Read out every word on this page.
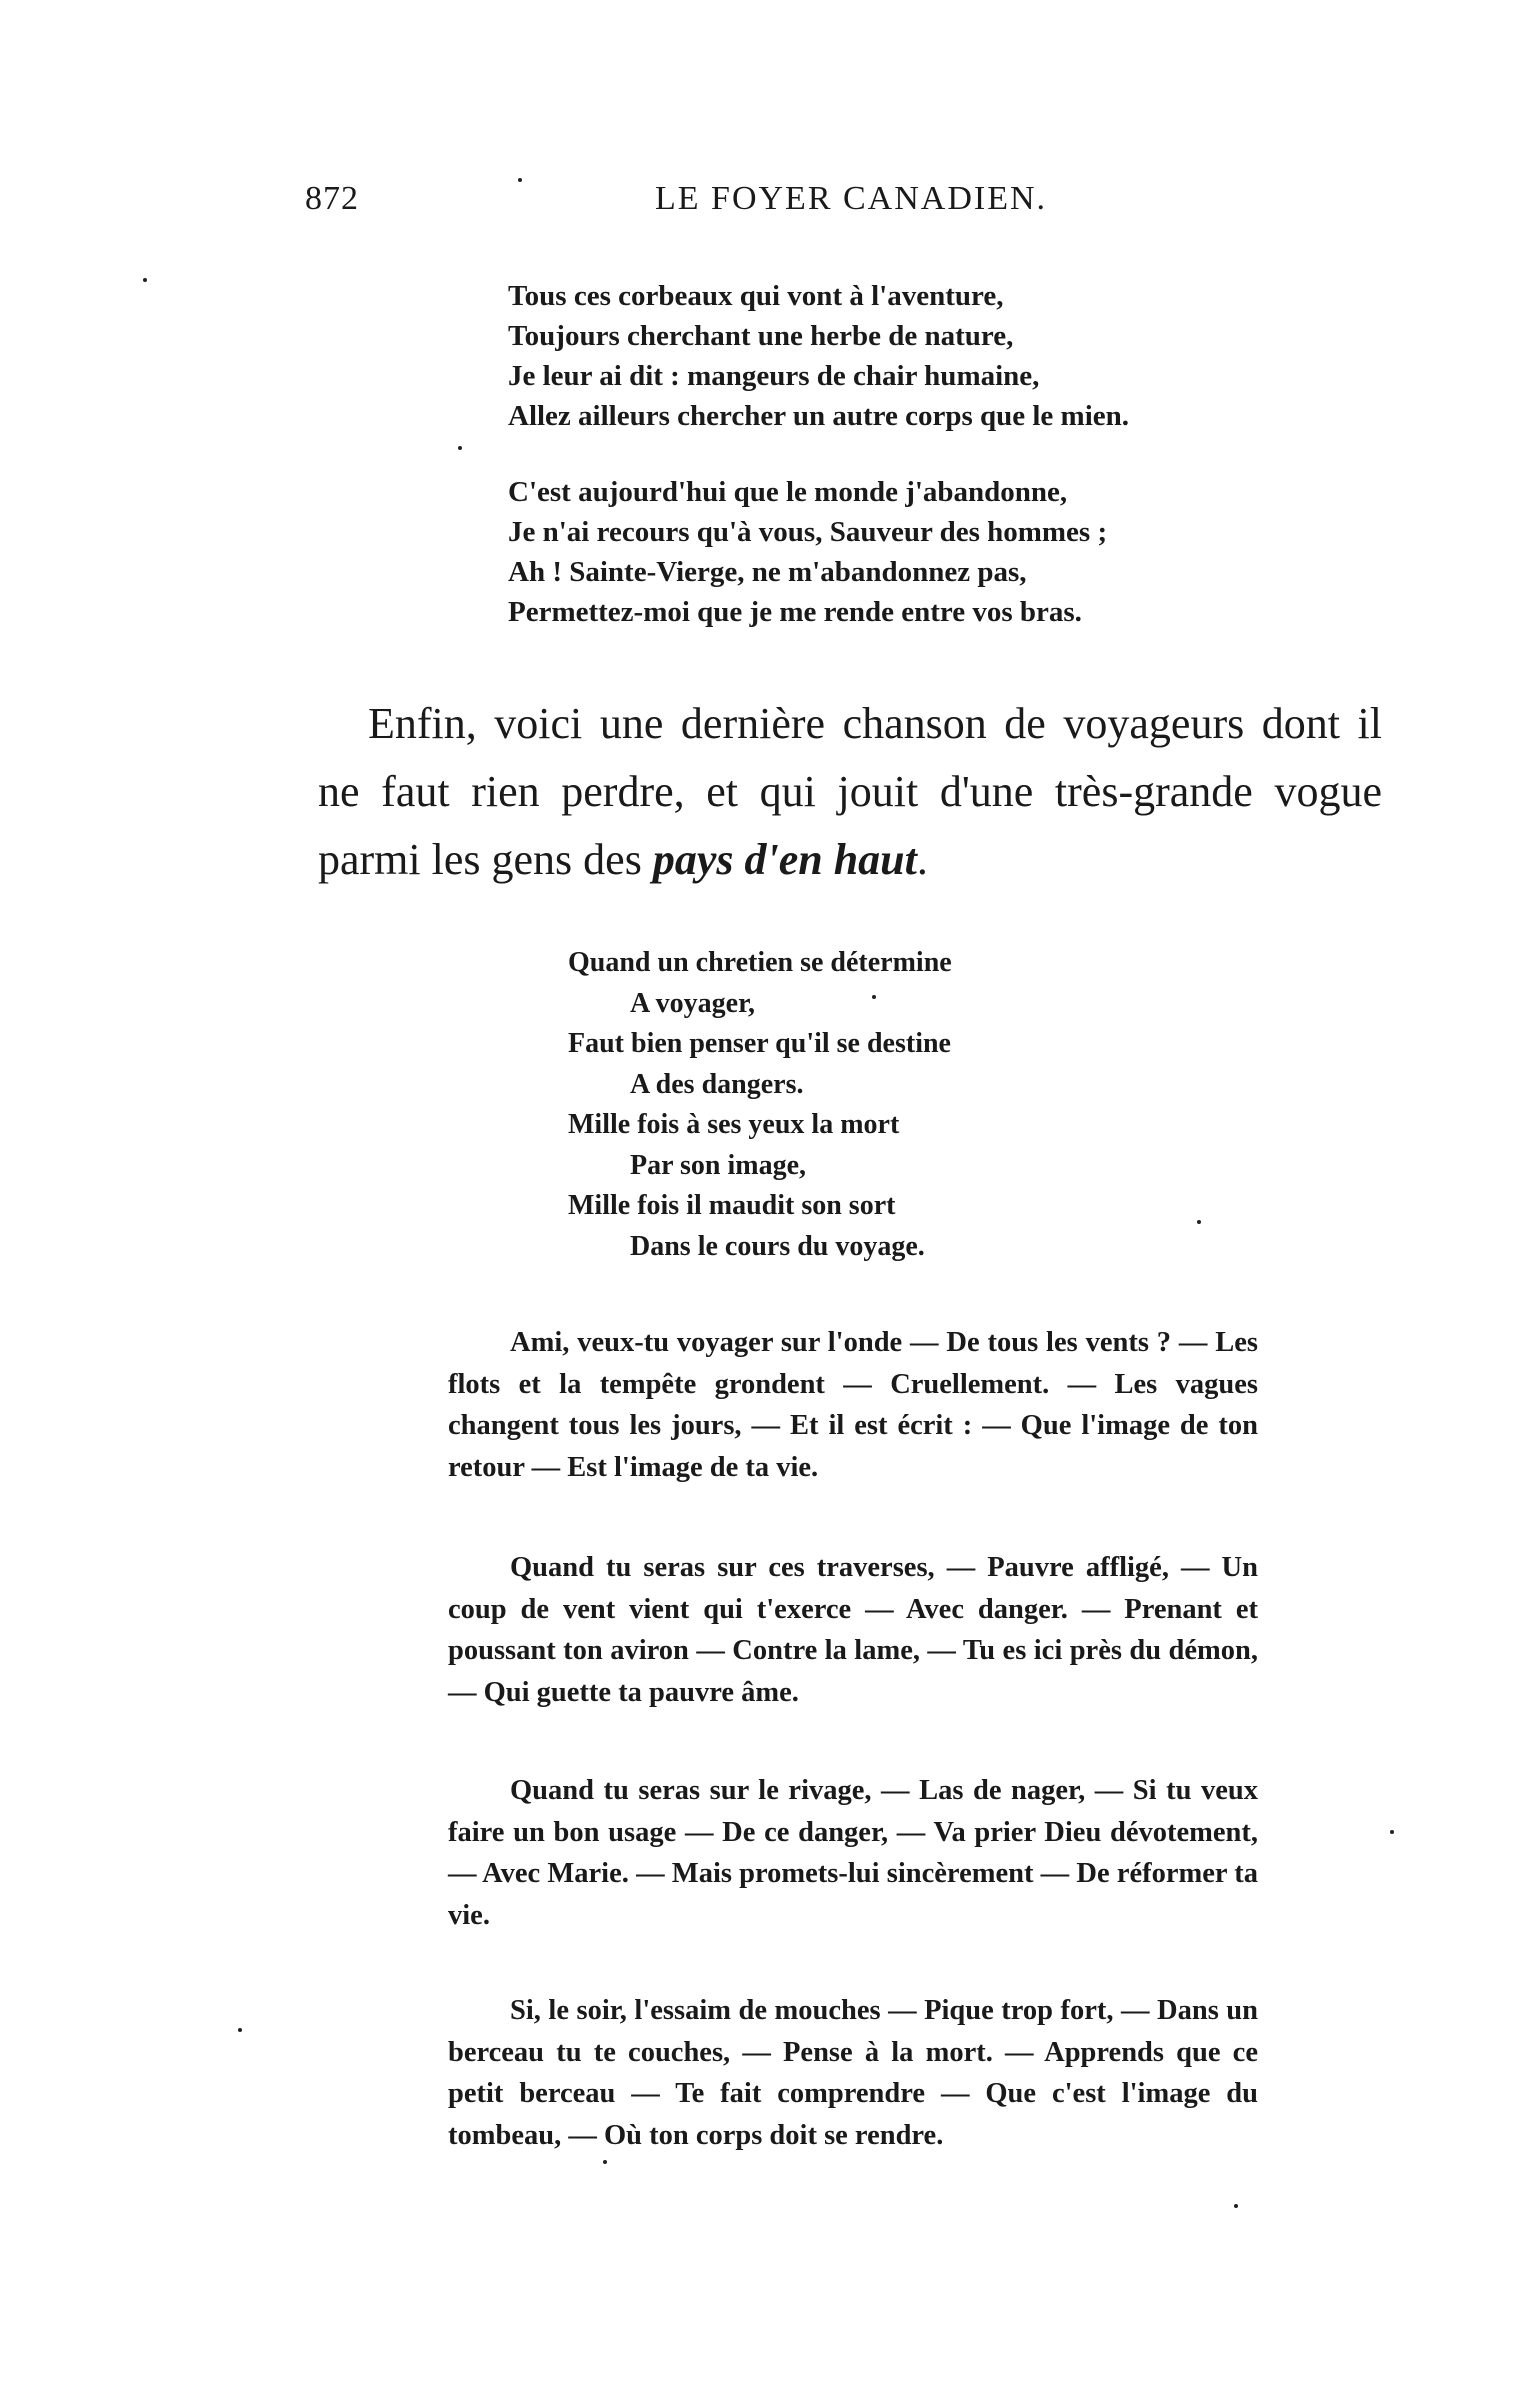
872	LE FOYER CANADIEN.
Tous ces corbeaux qui vont à l'aventure,
Toujours cherchant une herbe de nature,
Je leur ai dit : mangeurs de chair humaine,
Allez ailleurs chercher un autre corps que le mien.
C'est aujourd'hui que le monde j'abandonne,
Je n'ai recours qu'à vous, Sauveur des hommes ;
Ah ! Sainte-Vierge, ne m'abandonnez pas,
Permettez-moi que je me rende entre vos bras.

Enfin, voici une dernière chanson de voyageurs dont il ne faut rien perdre, et qui jouit d'une très-grande vogue parmi les gens des pays d'en haut.

Quand un chretien se détermine
A voyager,
Faut bien penser qu'il se destine
A des dangers.
Mille fois à ses yeux la mort
Par son image,
Mille fois il maudit son sort
Dans le cours du voyage.

Ami, veux-tu voyager sur l'onde — De tous les vents ? — Les flots et la tempête grondent — Cruellement. — Les vagues changent tous les jours, — Et il est écrit : — Que l'image de ton retour — Est l'image de ta vie.

Quand tu seras sur ces traverses, — Pauvre affligé, — Un coup de vent vient qui t'exerce — Avec danger. — Prenant et poussant ton aviron — Contre la lame, — Tu es ici près du démon, — Qui guette ta pauvre âme.

Quand tu seras sur le rivage, — Las de nager, — Si tu veux faire un bon usage — De ce danger, — Va prier Dieu dévotement, — Avec Marie. — Mais promets-lui sincèrement — De réformer ta vie.

Si, le soir, l'essaim de mouches — Pique trop fort, — Dans un berceau tu te couches, — Pense à la mort. — Apprends que ce petit berceau — Te fait comprendre — Que c'est l'image du tombeau, — Où ton corps doit se rendre.
